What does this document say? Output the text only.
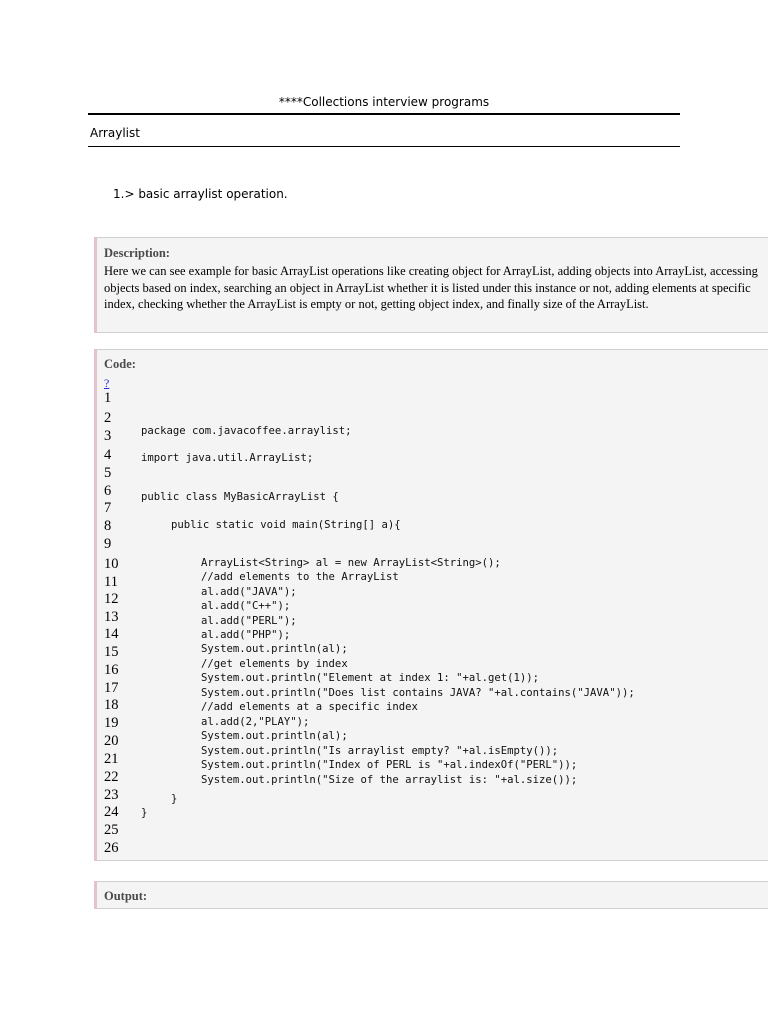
****Collections interview programs
Arraylist
1.> basic arraylist operation.
Description:
Here we can see example for basic ArrayList operations like creating object for ArrayList, adding objects into ArrayList, accessing objects based on index, searching an object in ArrayList whether it is listed under this instance or not, adding elements at specific index, checking whether the ArrayList is empty or not, getting object index, and finally size of the ArrayList.
Code:
?
1
2
3
4
5
6
7
8
9
10
11
12
13
14
15
16
17
18
19
20
21
22
23
24
25
26
package com.javacoffee.arraylist;
import java.util.ArrayList;
public class MyBasicArrayList {
public static void main(String[] a){
ArrayList<String> al = new ArrayList<String>();
//add elements to the ArrayList
al.add("JAVA");
al.add("C++");
al.add("PERL");
al.add("PHP");
System.out.println(al);
//get elements by index
System.out.println("Element at index 1: "+al.get(1));
System.out.println("Does list contains JAVA? "+al.contains("JAVA"));
//add elements at a specific index
al.add(2,"PLAY");
System.out.println(al);
System.out.println("Is arraylist empty? "+al.isEmpty());
System.out.println("Index of PERL is "+al.indexOf("PERL"));
System.out.println("Size of the arraylist is: "+al.size());
}
}
Output:
